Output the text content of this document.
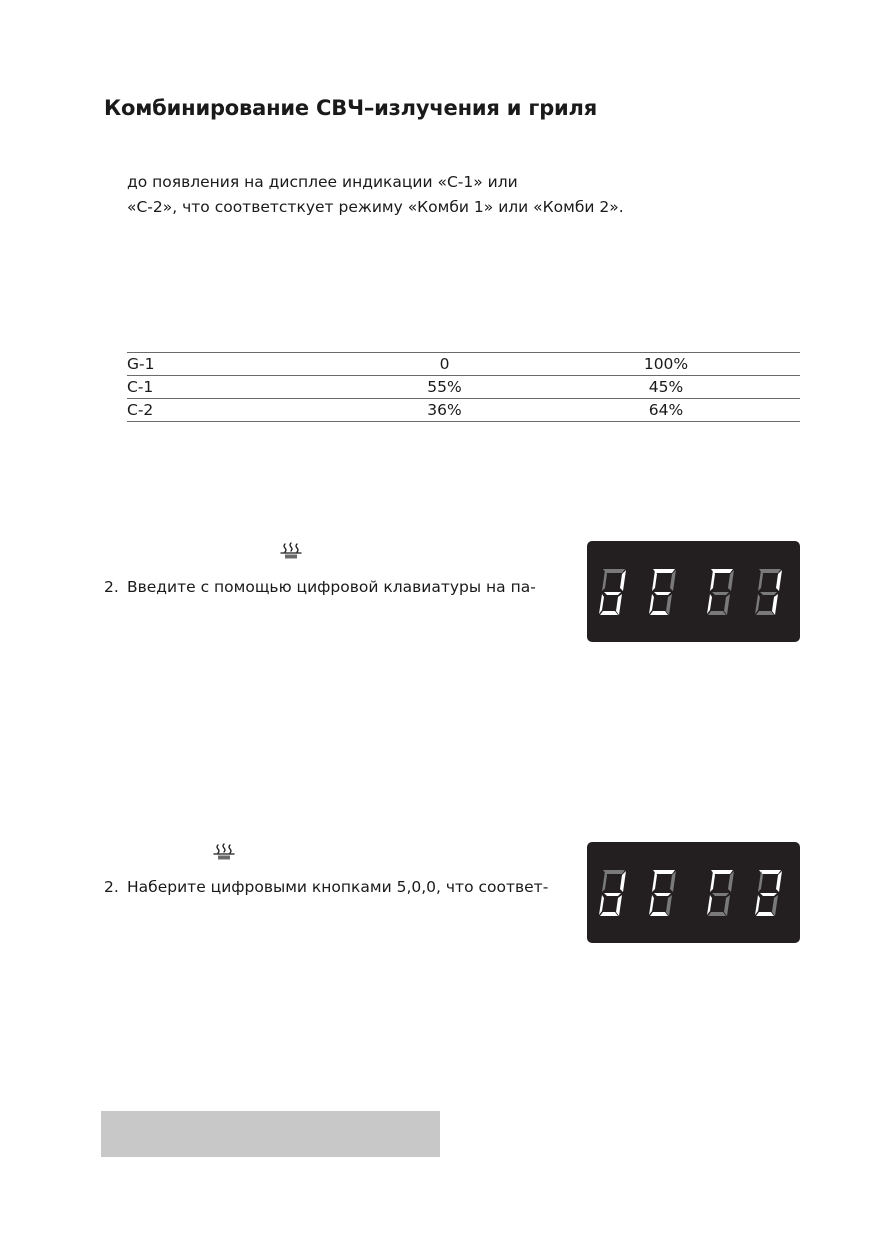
Комбинирование СВЧ–излучения и гриля
до появления на дисплее индикации «С-1» или
«С-2», что соответсткует режиму «Комби 1» или «Комби 2».
G-1	0	100%
C-1	55%	45%
C-2	36%	64%
2. Введите с помощью цифровой клавиатуры на па-
2. Наберите цифровыми кнопками 5,0,0, что соответ-
